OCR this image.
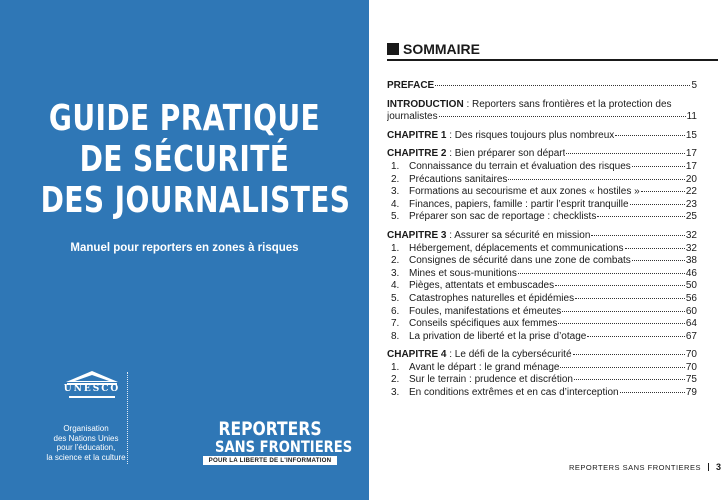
GUIDE PRATIQUE
DE SÉCURITÉ
DES JOURNALISTES
Manuel pour reporters en zones à risques
UNESCO
Organisation
des Nations Unies
pour l’éducation,
la science et la culture
REPORTERS
SANS FRONTIERES
POUR LA LIBERTE DE L'INFORMATION
SOMMAIRE
PRÉFACE	5
INTRODUCTION : Reporters sans frontières et la protection des
journalistes	11
CHAPITRE 1 : Des risques toujours plus nombreux	15
CHAPITRE 2 : Bien préparer son départ	17
1. Connaissance du terrain et évaluation des risques	17
2. Précautions sanitaires	20
3. Formations au secourisme et aux zones « hostiles »	22
4. Finances, papiers, famille : partir l’esprit tranquille	23
5. Préparer son sac de reportage : checklists	25
CHAPITRE 3 : Assurer sa sécurité en mission	32
1. Hébergement, déplacements et communications	32
2. Consignes de sécurité dans une zone de combats	38
3. Mines et sous-munitions	46
4. Pièges, attentats et embuscades	50
5. Catastrophes naturelles et épidémies	56
6. Foules, manifestations et émeutes	60
7. Conseils spécifiques aux femmes	64
8. La privation de liberté et la prise d’otage	67
CHAPITRE 4 : Le défi de la cybersécurité	70
1. Avant le départ : le grand ménage	70
2. Sur le terrain : prudence et discrétion	75
3. En conditions extrêmes et en cas d’interception	79
REPORTERS SANS FRONTIERES 3
